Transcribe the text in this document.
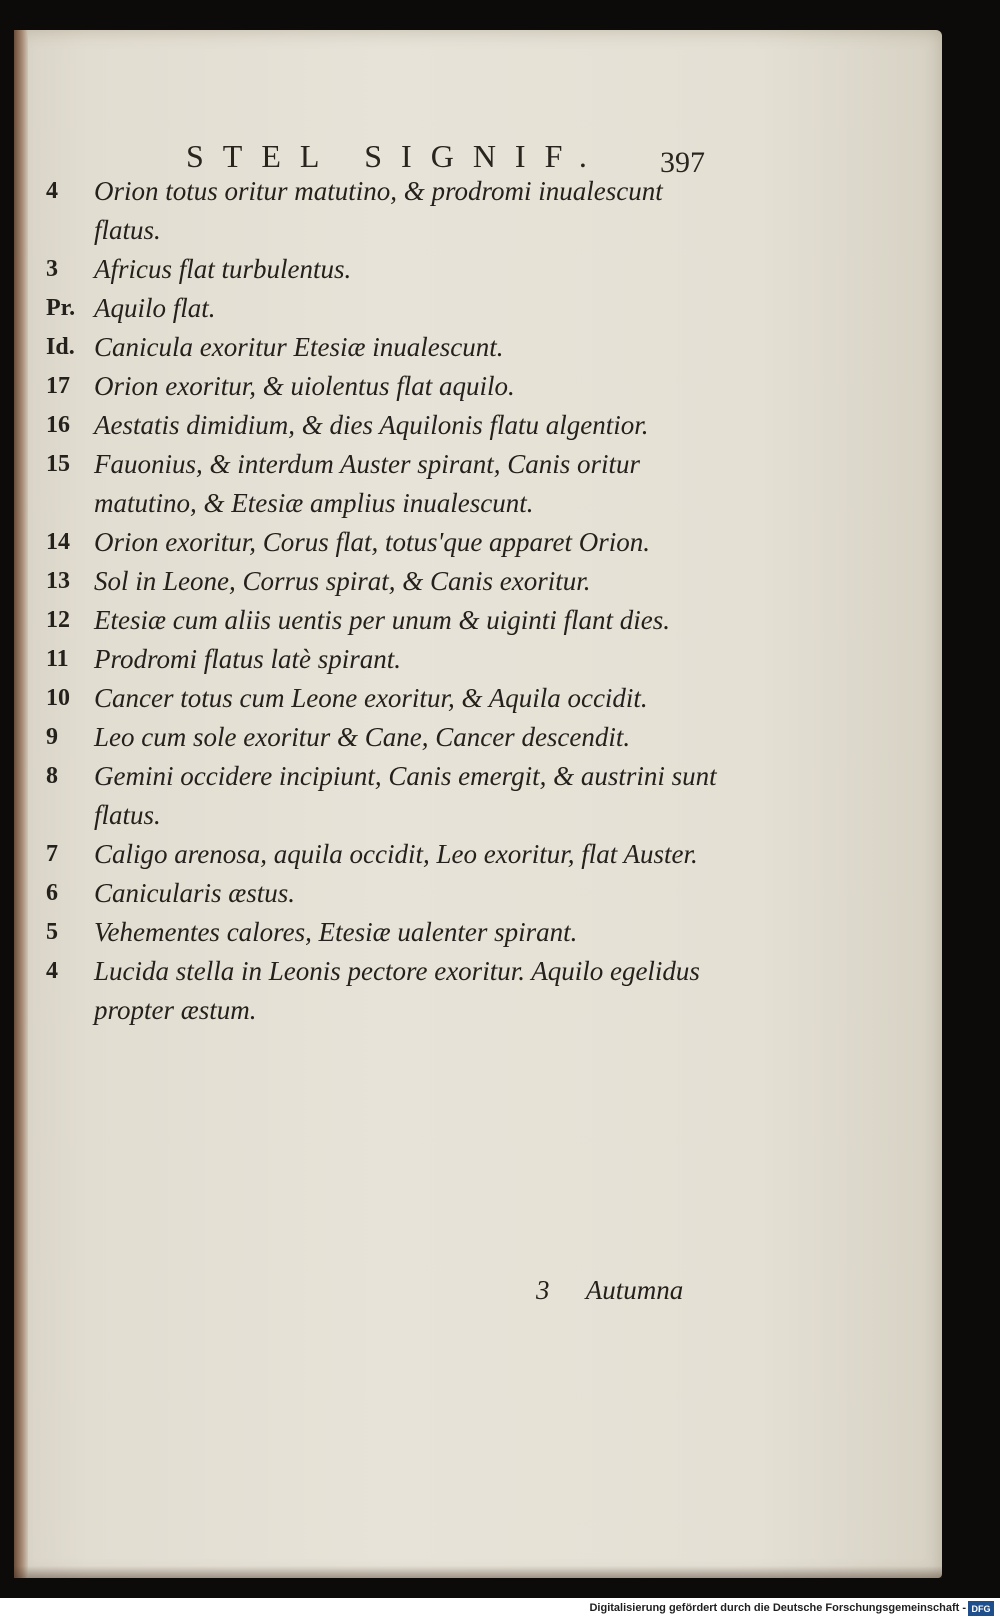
STEL SIGNIF. 397
4	Orion totus oritur matutino, & prodromi inualescunt flatus.
3	Africus flat turbulentus.
Pr. Aquilo flat.
Id. Canicula exoritur Etesiæ inualescunt.
17 Orion exoritur, & uiolentus flat aquilo.
16 Aestatis dimidium, & dies Aquilonis flatu algentior.
15 Fauonius, & interdum Auster spirant, Canis oritur matutino, & Etesiæ amplius inualescunt.
14 Orion exoritur, Corus flat, totus'que apparet Orion.
13 Sol in Leone, Corrus spirat, & Canis exoritur.
12 Etesiæ cum aliis uentis per unum & uiginti flant dies.
11 Prodromi flatus latè spirant.
10 Cancer totus cum Leone exoritur, & Aquila occidit.
9	Leo cum sole exoritur & Cane, Cancer descendit.
8	Gemini occidere incipiunt, Canis emergit, & austrini sunt flatus.
7	Caligo arenosa, aquila occidit, Leo exoritur, flat Auster.
6	Canicularis æstus.
5	Vehementes calores, Etesiæ ualenter spirant.
4	Lucida stella in Leonis pectore exoritur. Aquilo egelidus propter æstum.
3 Autumna
Digitalisierung gefördert durch die Deutsche Forschungsgemeinschaft - DFG
